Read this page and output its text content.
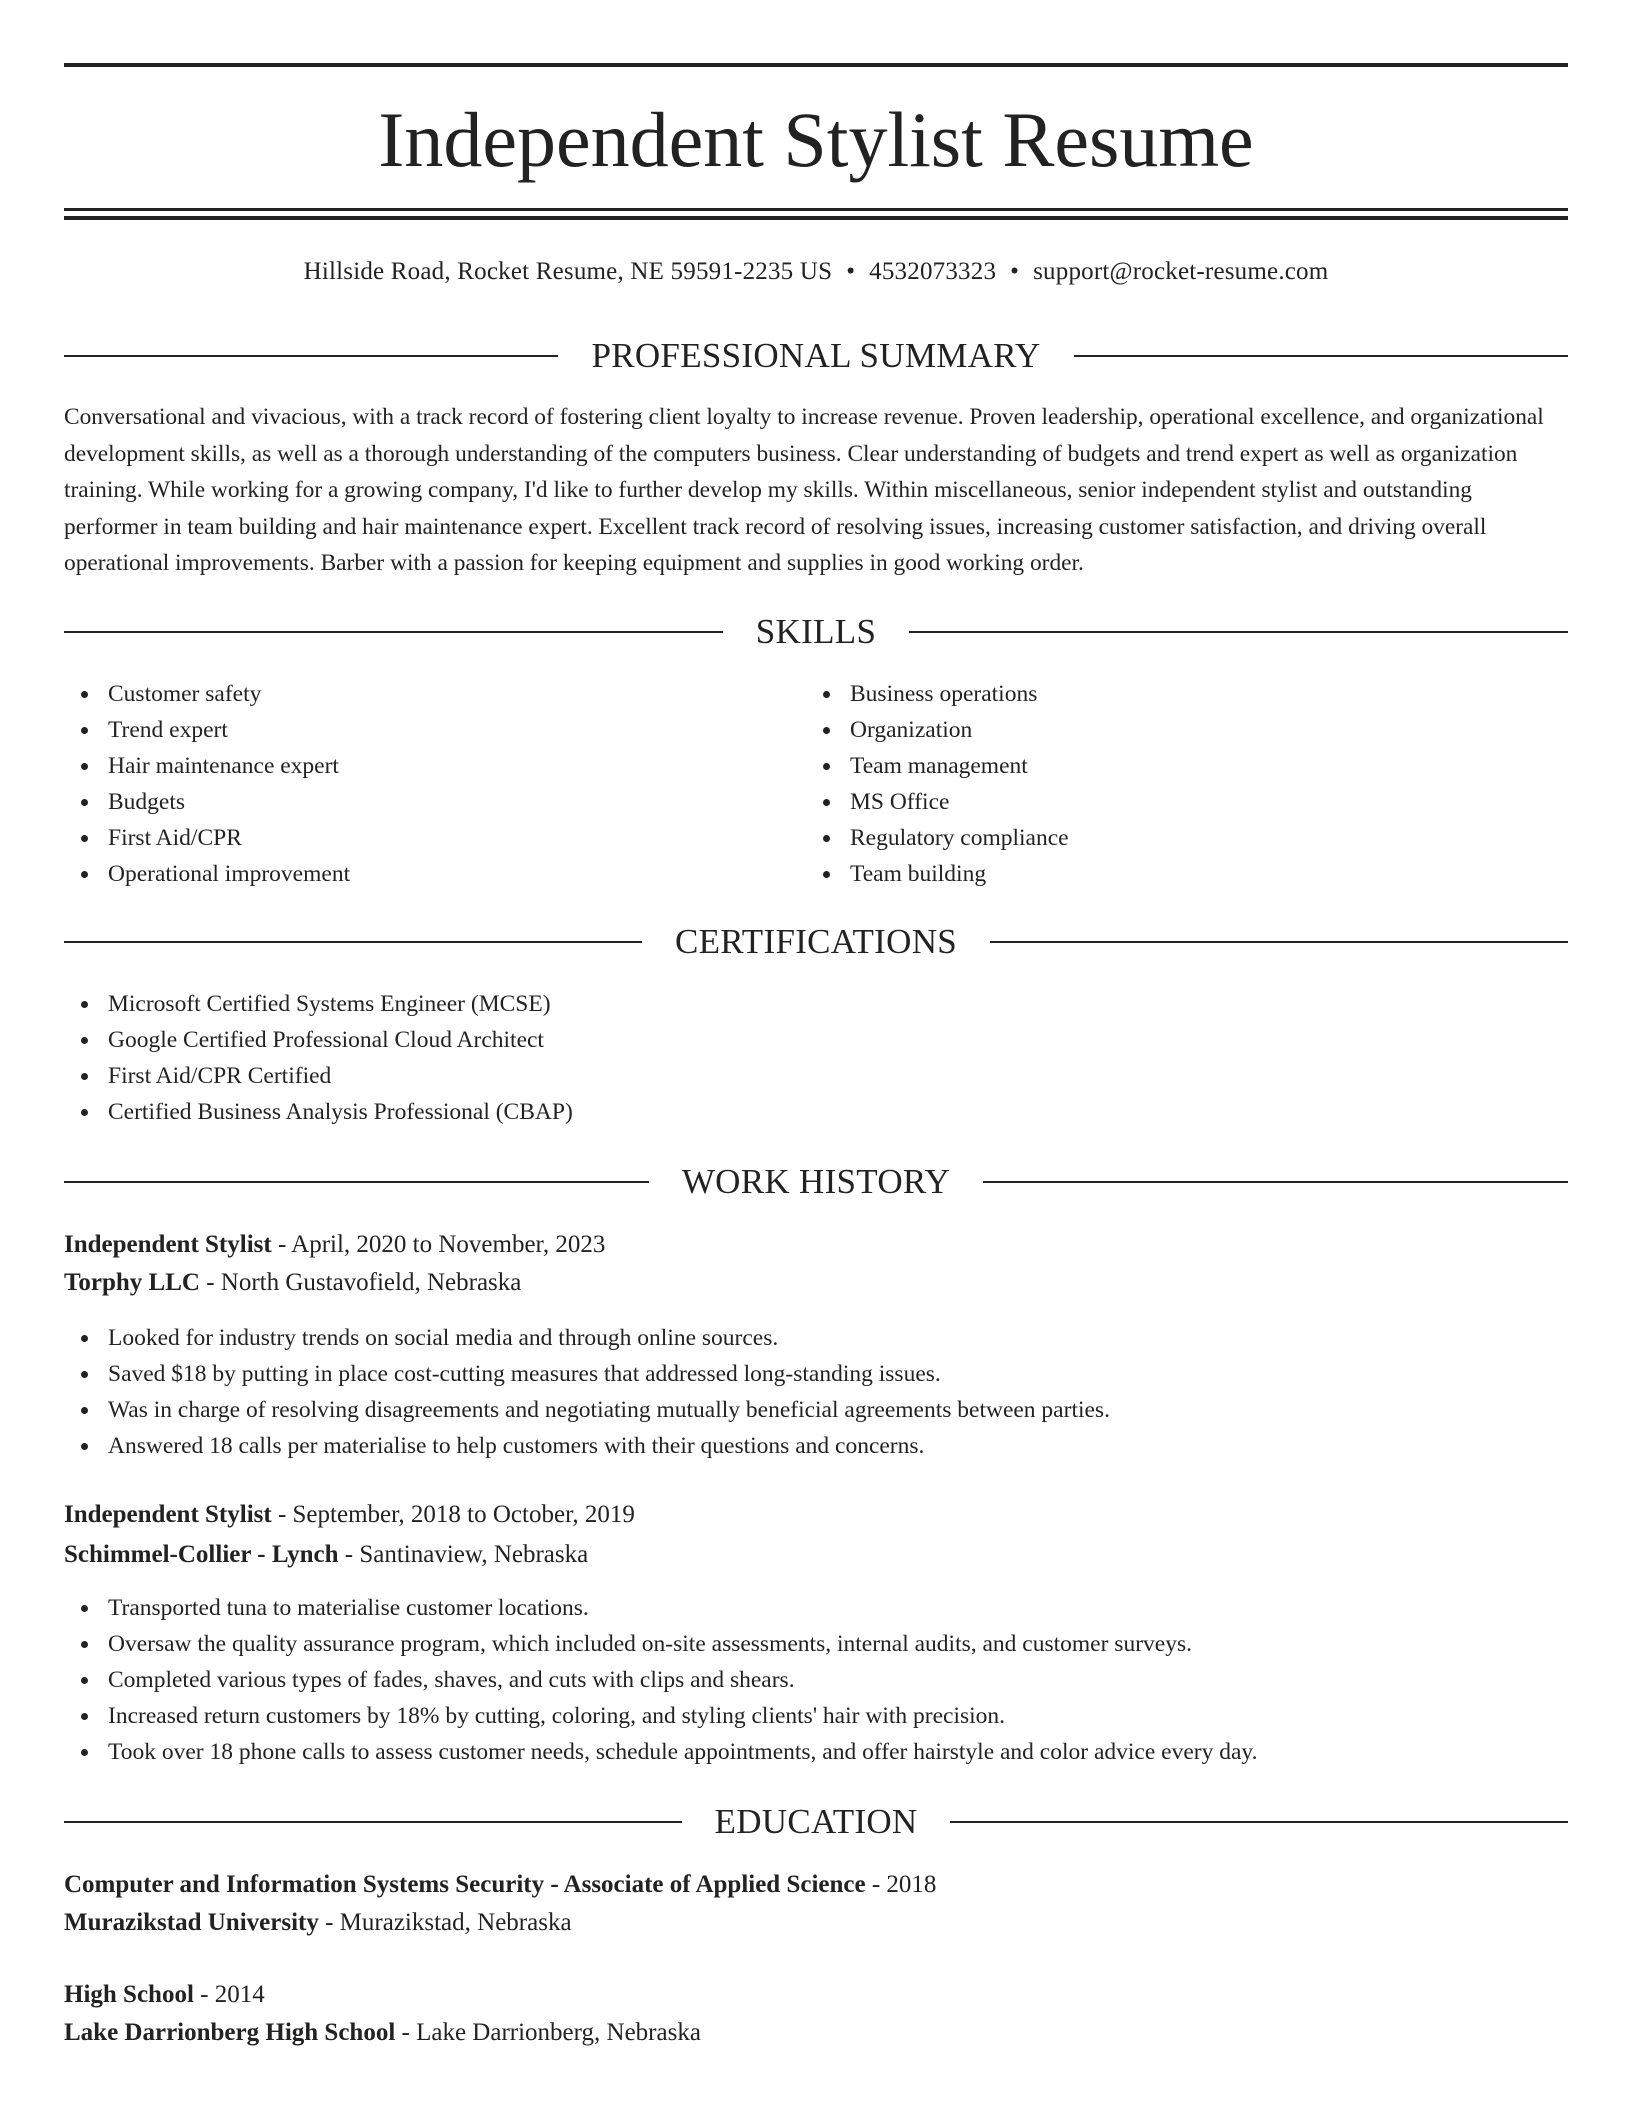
Independent Stylist Resume
Hillside Road, Rocket Resume, NE 59591-2235 US • 4532073323 • support@rocket-resume.com
PROFESSIONAL SUMMARY

Conversational and vivacious, with a track record of fostering client loyalty to increase revenue. Proven leadership, operational excellence, and organizational development skills, as well as a thorough understanding of the computers business. Clear understanding of budgets and trend expert as well as organization training. While working for a growing company, I'd like to further develop my skills. Within miscellaneous, senior independent stylist and outstanding performer in team building and hair maintenance expert. Excellent track record of resolving issues, increasing customer satisfaction, and driving overall operational improvements. Barber with a passion for keeping equipment and supplies in good working order.

SKILLS
Customer safety
Trend expert
Hair maintenance expert
Budgets
First Aid/CPR
Operational improvement
Business operations
Organization
Team management
MS Office
Regulatory compliance
Team building
CERTIFICATIONS
Microsoft Certified Systems Engineer (MCSE)
Google Certified Professional Cloud Architect
First Aid/CPR Certified
Certified Business Analysis Professional (CBAP)
WORK HISTORY
Independent Stylist - April, 2020 to November, 2023
Torphy LLC - North Gustavofield, Nebraska
Looked for industry trends on social media and through online sources.
Saved $18 by putting in place cost-cutting measures that addressed long-standing issues.
Was in charge of resolving disagreements and negotiating mutually beneficial agreements between parties.
Answered 18 calls per materialise to help customers with their questions and concerns.
Independent Stylist - September, 2018 to October, 2019
Schimmel-Collier - Lynch - Santinaview, Nebraska
Transported tuna to materialise customer locations.
Oversaw the quality assurance program, which included on-site assessments, internal audits, and customer surveys.
Completed various types of fades, shaves, and cuts with clips and shears.
Increased return customers by 18% by cutting, coloring, and styling clients' hair with precision.
Took over 18 phone calls to assess customer needs, schedule appointments, and offer hairstyle and color advice every day.
EDUCATION
Computer and Information Systems Security - Associate of Applied Science - 2018
Murazikstad University - Murazikstad, Nebraska
High School - 2014
Lake Darrionberg High School - Lake Darrionberg, Nebraska
